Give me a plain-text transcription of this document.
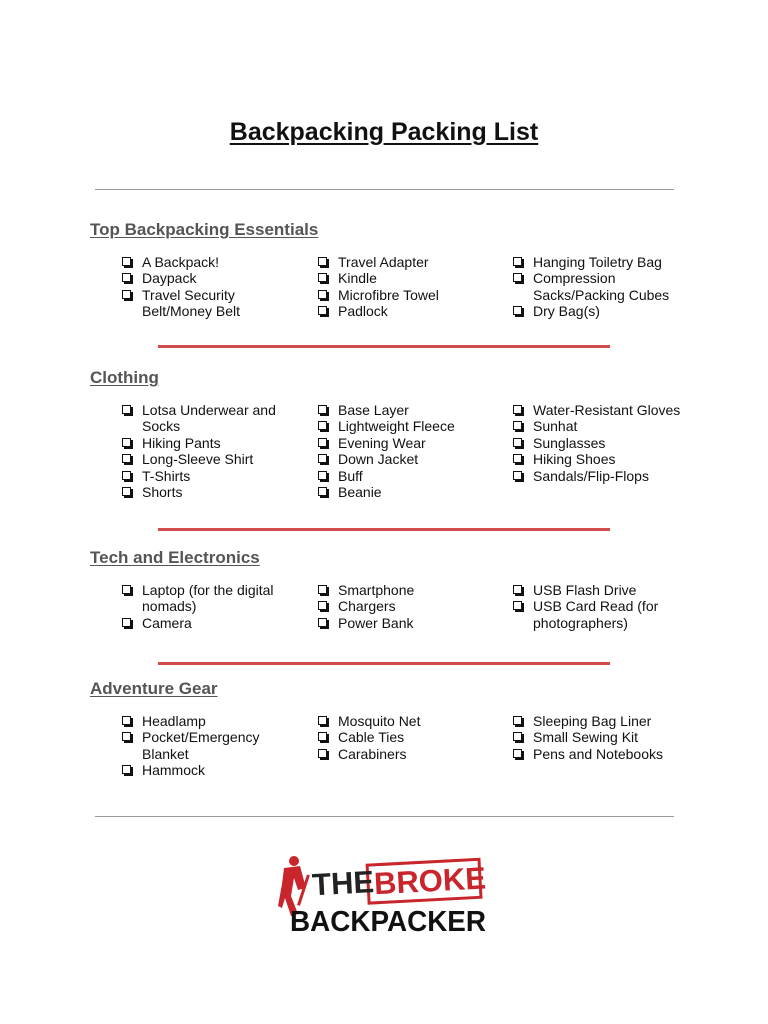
Backpacking Packing List
Top Backpacking Essentials
A Backpack!
Daypack
Travel Security Belt/Money Belt
Travel Adapter
Kindle
Microfibre Towel
Padlock
Hanging Toiletry Bag
Compression Sacks/Packing Cubes
Dry Bag(s)
Clothing
Lotsa Underwear and Socks
Hiking Pants
Long-Sleeve Shirt
T-Shirts
Shorts
Base Layer
Lightweight Fleece
Evening Wear
Down Jacket
Buff
Beanie
Water-Resistant Gloves
Sunhat
Sunglasses
Hiking Shoes
Sandals/Flip-Flops
Tech and Electronics
Laptop (for the digital nomads)
Camera
Smartphone
Chargers
Power Bank
USB Flash Drive
USB Card Read (for photographers)
Adventure Gear
Headlamp
Pocket/Emergency Blanket
Hammock
Mosquito Net
Cable Ties
Carabiners
Sleeping Bag Liner
Small Sewing Kit
Pens and Notebooks
THE
BROKE
BACKPACKER
